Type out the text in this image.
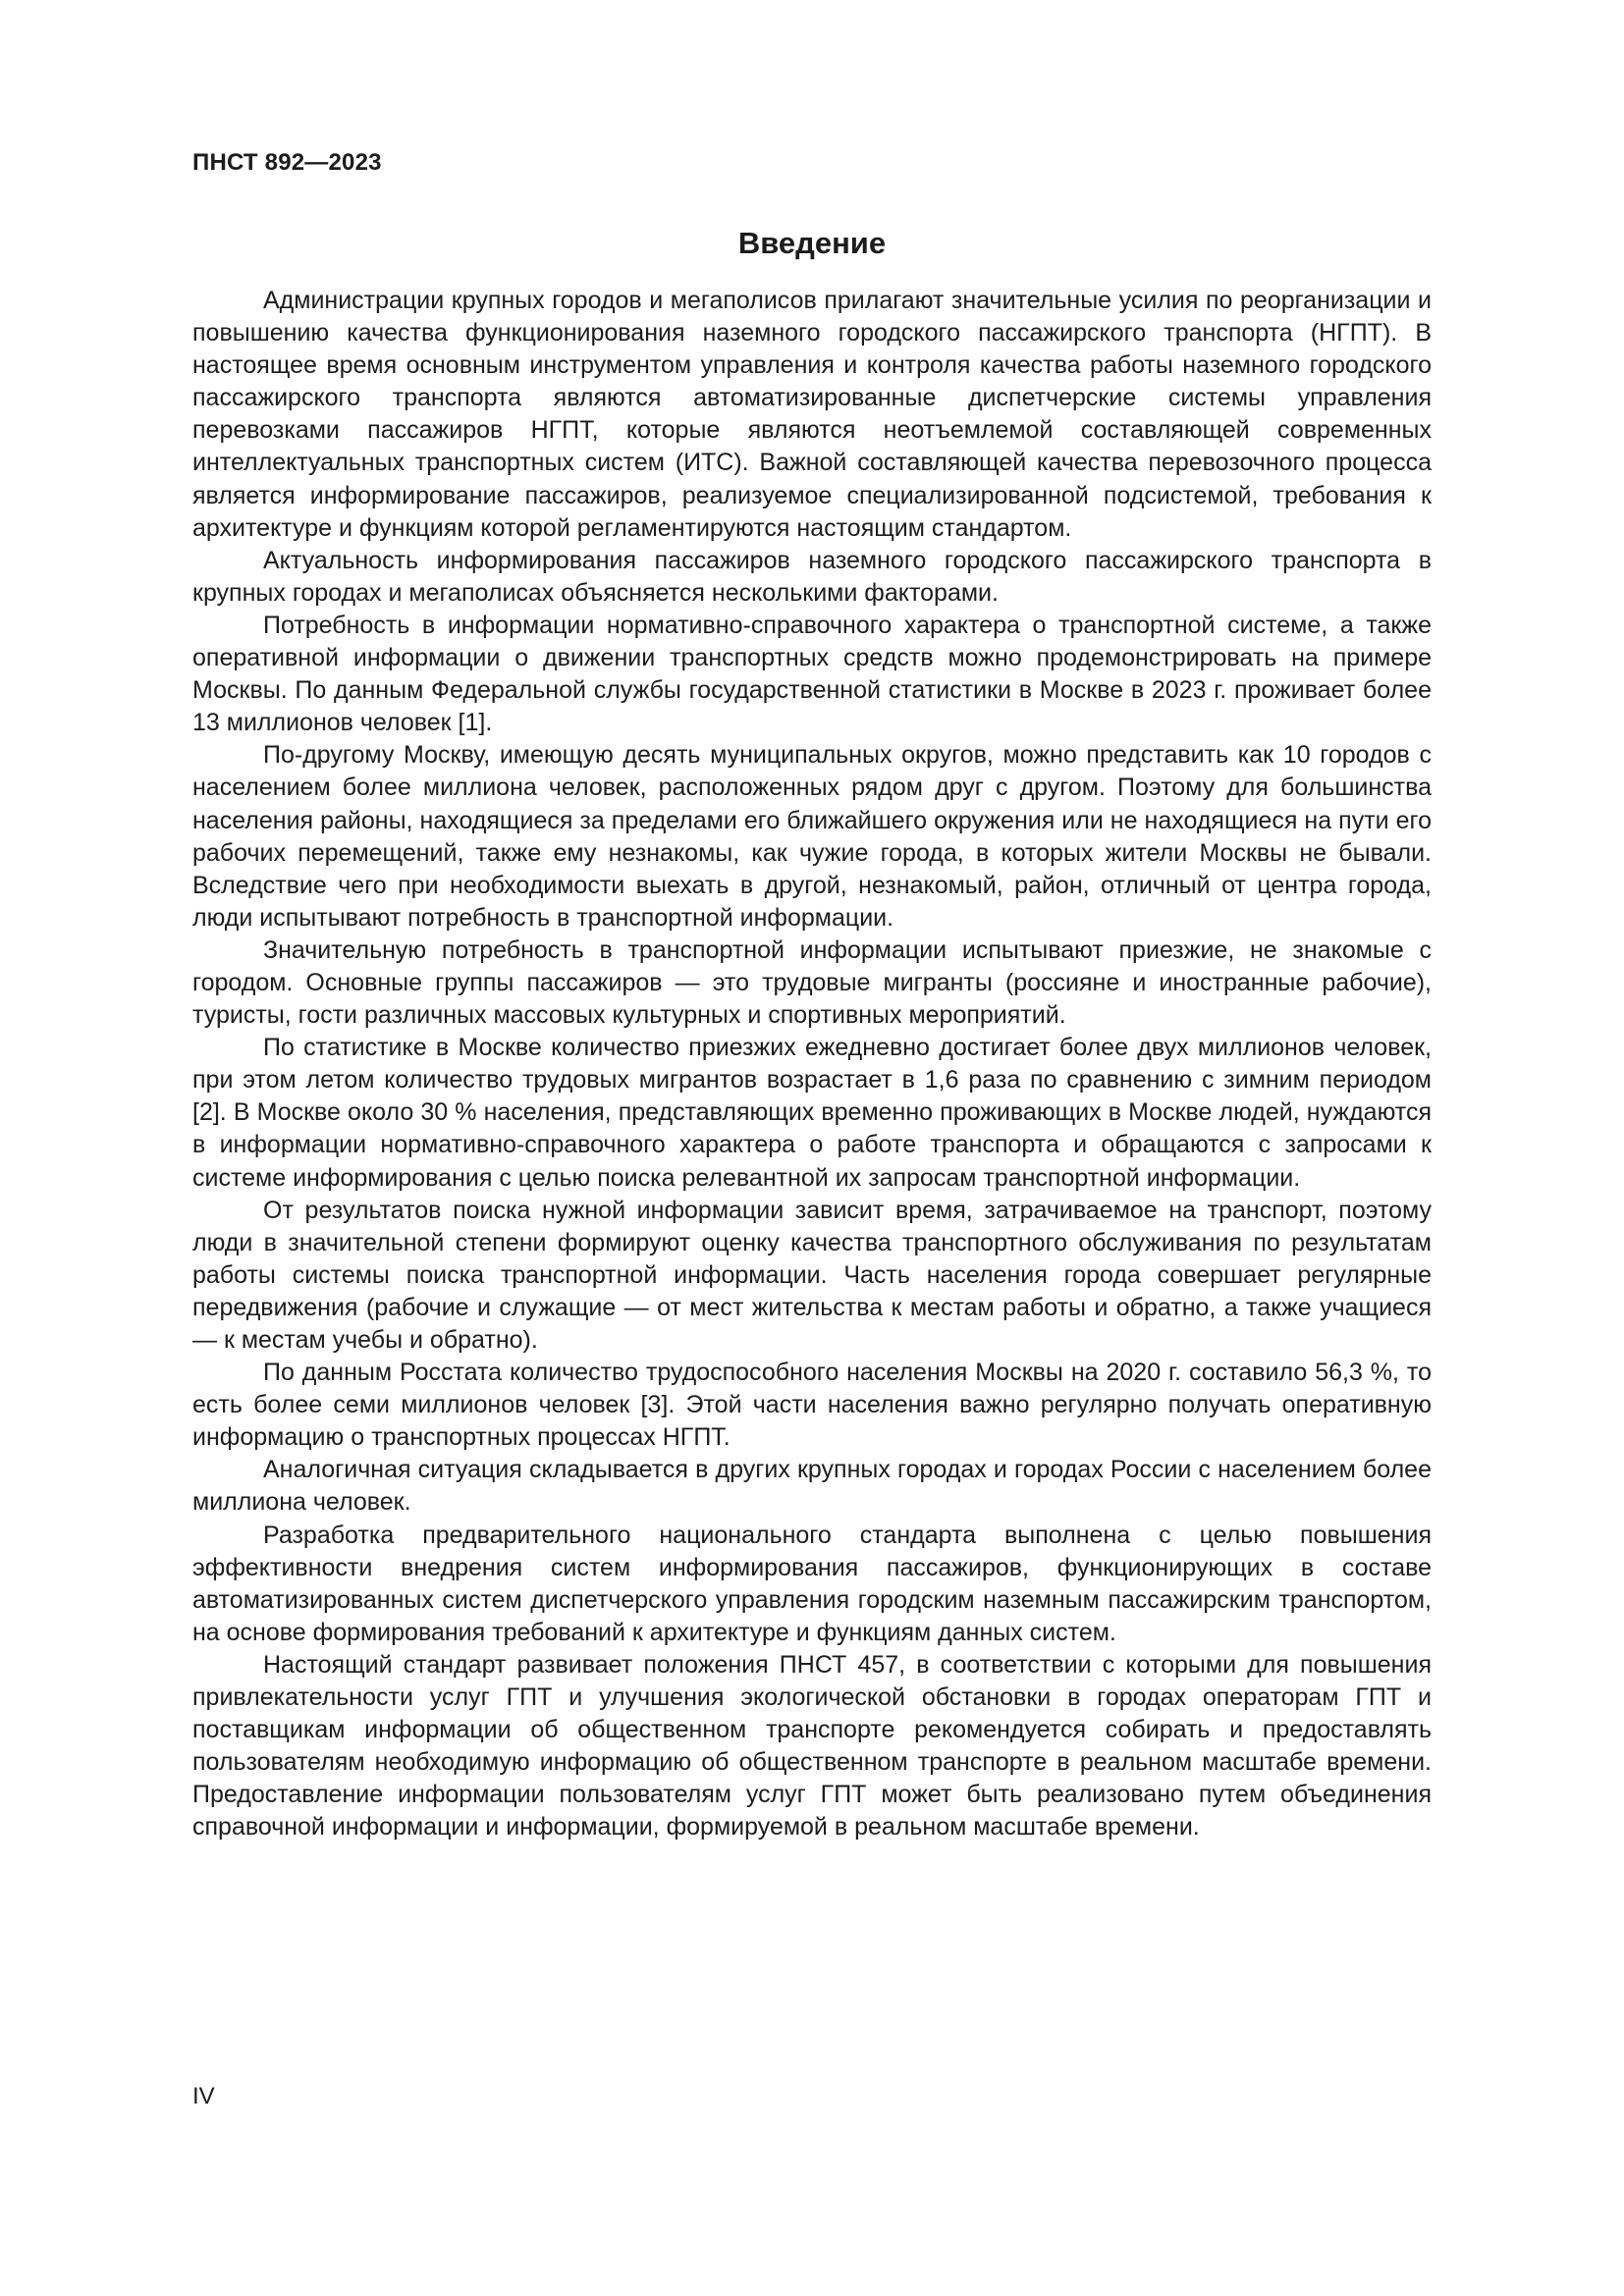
ПНСТ 892—2023

Введение

Администрации крупных городов и мегаполисов прилагают значительные усилия по реорганизации и повышению качества функционирования наземного городского пассажирского транспорта (НГПТ). В настоящее время основным инструментом управления и контроля качества работы наземного городского пассажирского транспорта являются автоматизированные диспетчерские системы управления перевозками пассажиров НГПТ, которые являются неотъемлемой составляющей современных интеллектуальных транспортных систем (ИТС). Важной составляющей качества перевозочного процесса является информирование пассажиров, реализуемое специализированной подсистемой, требования к архитектуре и функциям которой регламентируются настоящим стандартом.

Актуальность информирования пассажиров наземного городского пассажирского транспорта в крупных городах и мегаполисах объясняется несколькими факторами.

Потребность в информации нормативно-справочного характера о транспортной системе, а также оперативной информации о движении транспортных средств можно продемонстрировать на примере Москвы. По данным Федеральной службы государственной статистики в Москве в 2023 г. проживает более 13 миллионов человек [1].

По-другому Москву, имеющую десять муниципальных округов, можно представить как 10 городов с населением более миллиона человек, расположенных рядом друг с другом. Поэтому для большинства населения районы, находящиеся за пределами его ближайшего окружения или не находящиеся на пути его рабочих перемещений, также ему незнакомы, как чужие города, в которых жители Москвы не бывали. Вследствие чего при необходимости выехать в другой, незнакомый, район, отличный от центра города, люди испытывают потребность в транспортной информации.

Значительную потребность в транспортной информации испытывают приезжие, не знакомые с городом. Основные группы пассажиров — это трудовые мигранты (россияне и иностранные рабочие), туристы, гости различных массовых культурных и спортивных мероприятий.

По статистике в Москве количество приезжих ежедневно достигает более двух миллионов человек, при этом летом количество трудовых мигрантов возрастает в 1,6 раза по сравнению с зимним периодом [2]. В Москве около 30 % населения, представляющих временно проживающих в Москве людей, нуждаются в информации нормативно-справочного характера о работе транспорта и обращаются с запросами к системе информирования с целью поиска релевантной их запросам транспортной информации.

От результатов поиска нужной информации зависит время, затрачиваемое на транспорт, поэтому люди в значительной степени формируют оценку качества транспортного обслуживания по результатам работы системы поиска транспортной информации. Часть населения города совершает регулярные передвижения (рабочие и служащие — от мест жительства к местам работы и обратно, а также учащиеся — к местам учебы и обратно).

По данным Росстата количество трудоспособного населения Москвы на 2020 г. составило 56,3 %, то есть более семи миллионов человек [3]. Этой части населения важно регулярно получать оперативную информацию о транспортных процессах НГПТ.

Аналогичная ситуация складывается в других крупных городах и городах России с населением более миллиона человек.

Разработка предварительного национального стандарта выполнена с целью повышения эффективности внедрения систем информирования пассажиров, функционирующих в составе автоматизированных систем диспетчерского управления городским наземным пассажирским транспортом, на основе формирования требований к архитектуре и функциям данных систем.

Настоящий стандарт развивает положения ПНСТ 457, в соответствии с которыми для повышения привлекательности услуг ГПТ и улучшения экологической обстановки в городах операторам ГПТ и поставщикам информации об общественном транспорте рекомендуется собирать и предоставлять пользователям необходимую информацию об общественном транспорте в реальном масштабе времени. Предоставление информации пользователям услуг ГПТ может быть реализовано путем объединения справочной информации и информации, формируемой в реальном масштабе времени.

IV
